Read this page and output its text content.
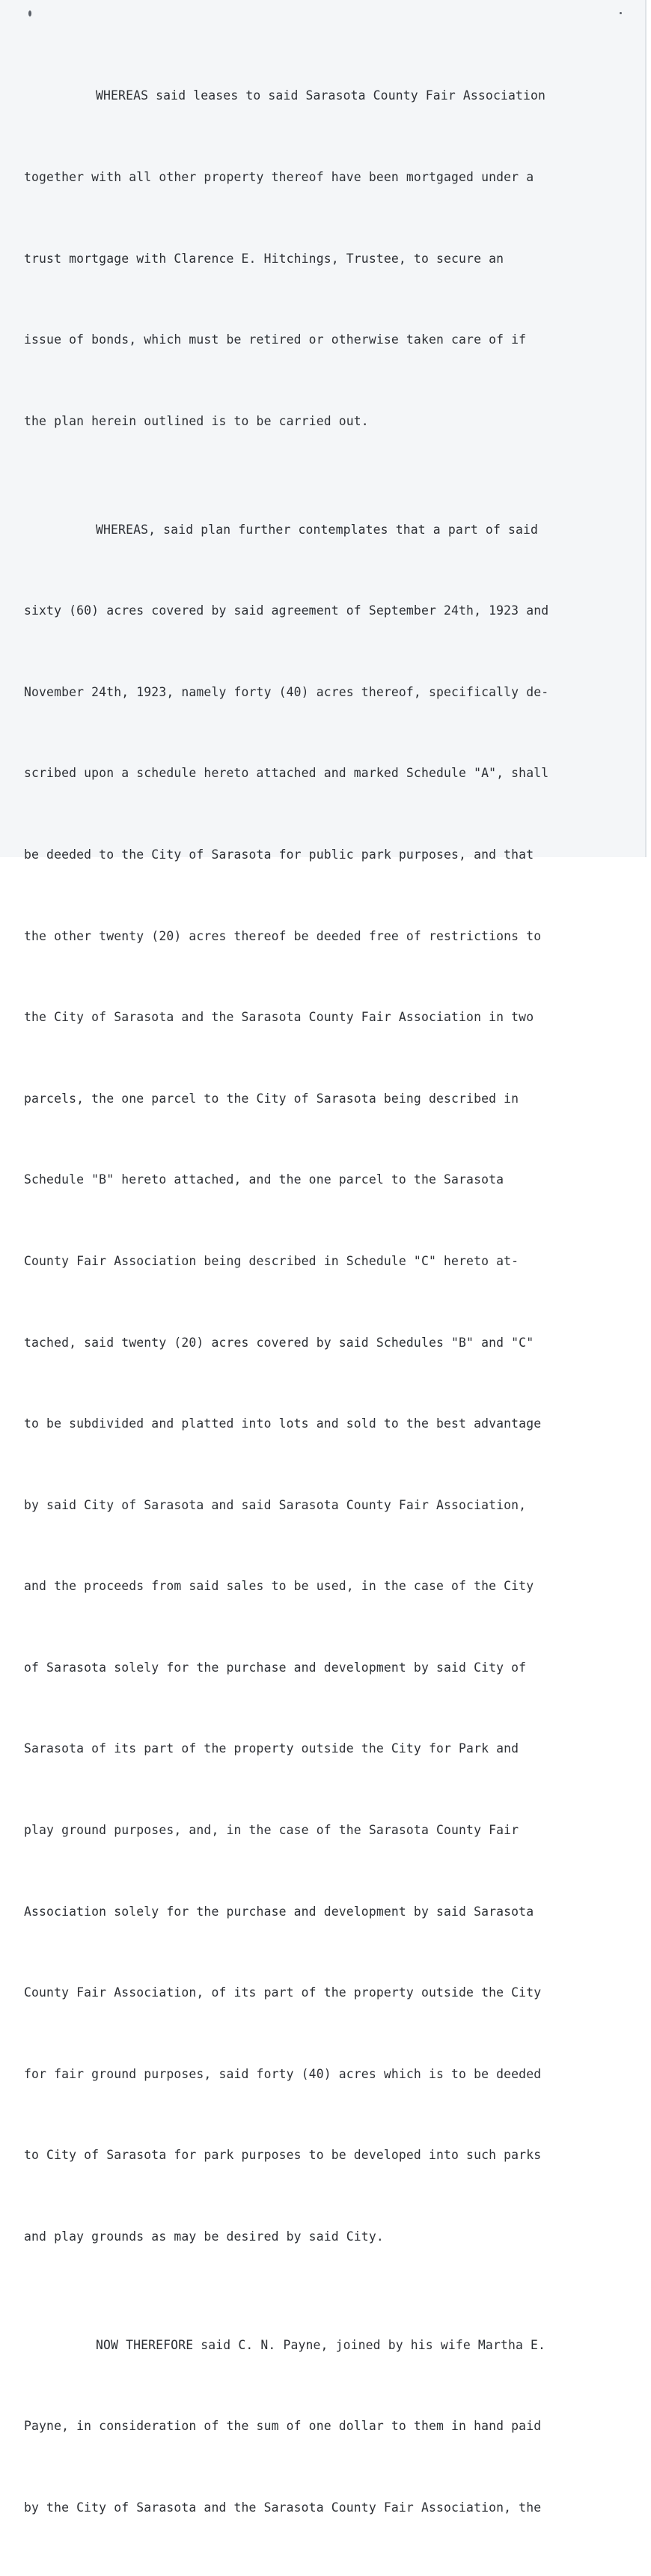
WHEREAS said leases to said Sarasota County Fair Association

together with all other property thereof have been mortgaged under a

trust mortgage with Clarence E. Hitchings, Trustee, to secure an

issue of bonds, which must be retired or otherwise taken care of if

the plan herein outlined is to be carried out.

WHEREAS, said plan further contemplates that a part of said

sixty (60) acres covered by said agreement of September 24th, 1923 and

November 24th, 1923, namely forty (40) acres thereof, specifically de-

scribed upon a schedule hereto attached and marked Schedule "A", shall

be deeded to the City of Sarasota for public park purposes, and that

the other twenty (20) acres thereof be deeded free of restrictions to

the City of Sarasota and the Sarasota County Fair Association in two

parcels, the one parcel to the City of Sarasota being described in

Schedule "B" hereto attached, and the one parcel to the Sarasota

County Fair Association being described in Schedule "C" hereto at-

tached, said twenty (20) acres covered by said Schedules "B" and "C"

to be subdivided and platted into lots and sold to the best advantage

by said City of Sarasota and said Sarasota County Fair Association,

and the proceeds from said sales to be used, in the case of the City

of Sarasota solely for the purchase and development by said City of

Sarasota of its part of the property outside the City for Park and

play ground purposes, and, in the case of the Sarasota County Fair

Association solely for the purchase and development by said Sarasota

County Fair Association, of its part of the property outside the City

for fair ground purposes, said forty (40) acres which is to be deeded

to City of Sarasota for park purposes to be developed into such parks

and play grounds as may be desired by said City.

NOW THEREFORE said C. N. Payne, joined by his wife Martha E.

Payne, in consideration of the sum of one dollar to them in hand paid

by the City of Sarasota and the Sarasota County Fair Association, the
